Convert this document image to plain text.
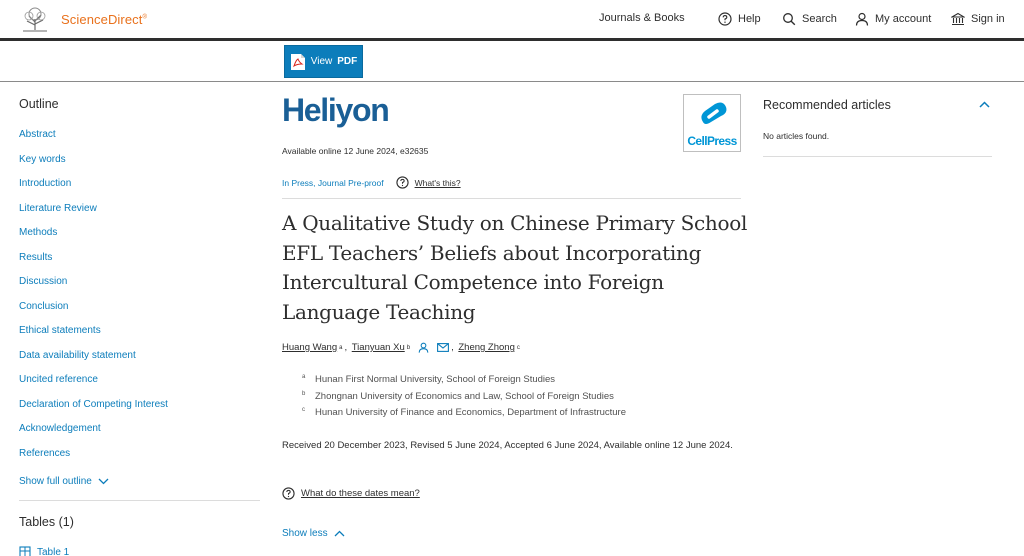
ScienceDirect®	Journals & Books	Help	Search	My account	Sign in
View PDF
Outline
Abstract
Key words
Introduction
Literature Review
Methods
Results
Discussion
Conclusion
Ethical statements
Data availability statement
Uncited reference
Declaration of Competing Interest
Acknowledgement
References
Show full outline
Tables (1)
Table 1
Heliyon
CellPress
Available online 12 June 2024, e32635
In Press, Journal Pre-proof	What's this?
A Qualitative Study on Chinese Primary School EFL Teachers’ Beliefs about Incorporating Intercultural Competence into Foreign Language Teaching
Huang Wang a , Tianyuan Xu b	, Zheng Zhong c
a Hunan First Normal University, School of Foreign Studies
b Zhongnan University of Economics and Law, School of Foreign Studies
c Hunan University of Finance and Economics, Department of Infrastructure
Received 20 December 2023, Revised 5 June 2024, Accepted 6 June 2024, Available online 12 June 2024.
What do these dates mean?
Show less
Recommended articles
No articles found.
